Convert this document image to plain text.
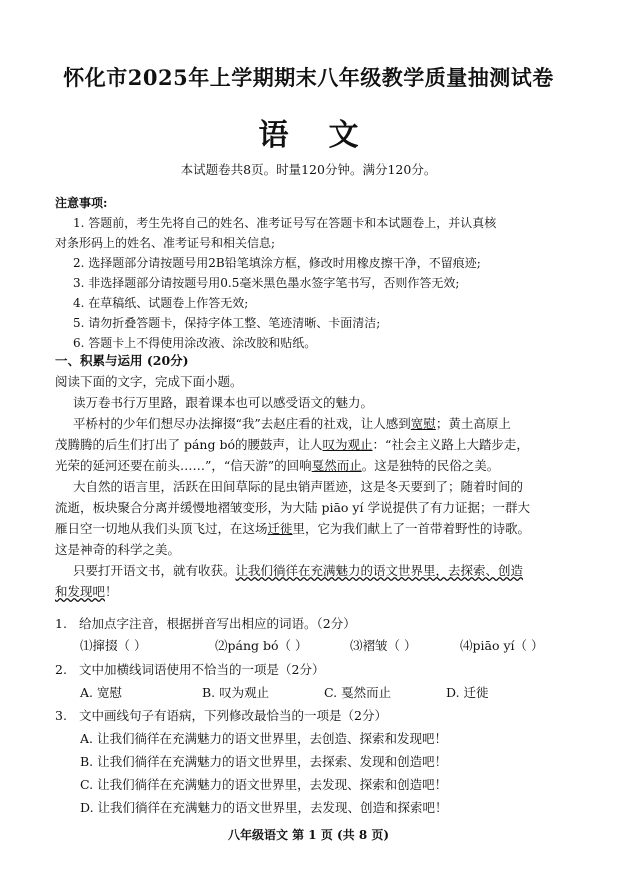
怀化市2025年上学期期末八年级教学质量抽测试卷
语文
本试题卷共8页。时量120分钟。满分120分。
注意事项:
1. 答题前，考生先将自己的姓名、准考证号写在答题卡和本试题卷上，并认真核
对条形码上的姓名、准考证号和相关信息;
2. 选择题部分请按题号用2B铅笔填涂方框，修改时用橡皮擦干净，不留痕迹;
3. 非选择题部分请按题号用0.5毫米黑色墨水签字笔书写，否则作答无效;
4. 在草稿纸、试题卷上作答无效;
5. 请勿折叠答题卡，保持字体工整、笔迹清晰、卡面清洁;
6. 答题卡上不得使用涂改液、涂改胶和贴纸。
一、积累与运用 (20分)
阅读下面的文字，完成下面小题。
读万卷书行万里路，跟着课本也可以感受语文的魅力。
平桥村的少年们想尽办法撺掇“我”去赵庄看的社戏，让人感到宽慰；黄土高原上
茂腾腾的后生们打出了 páng bó的腰鼓声，让人叹为观止：“社会主义路上大踏步走，
光荣的延河还要在前头……”，“信天游”的回响戛然而止。这是独特的民俗之美。
大自然的语言里，活跃在田间草际的昆虫销声匿迹，这是冬天要到了；随着时间的
流逝，板块聚合分离并缓慢地褶皱变形，为大陆 piāo yí 学说提供了有力证据；一群大
雁日空一切地从我们头顶飞过，在这场迁徙里，它为我们献上了一首带着野性的诗歌。
这是神奇的科学之美。
只要打开语文书，就有收获。让我们徜徉在充满魅力的语文世界里，去探索、创造
和发现吧！
1. 给加点字注音，根据拼音写出相应的词语。（2分）
⑴撺掇（ ）	⑵páng bó（ ）	⑶褶皱（ ）	⑷piāo yí（ ）
2. 文中加横线词语使用不恰当的一项是（2分）
A. 宽慰	B. 叹为观止	C. 戛然而止	D. 迁徙
3. 文中画线句子有语病，下列修改最恰当的一项是（2分）
A. 让我们徜徉在充满魅力的语文世界里，去创造、探索和发现吧！
B. 让我们徜徉在充满魅力的语文世界里，去探索、发现和创造吧！
C. 让我们徜徉在充满魅力的语文世界里，去发现、探索和创造吧！
D. 让我们徜徉在充满魅力的语文世界里，去发现、创造和探索吧！
八年级语文 第 1 页 (共 8 页)
